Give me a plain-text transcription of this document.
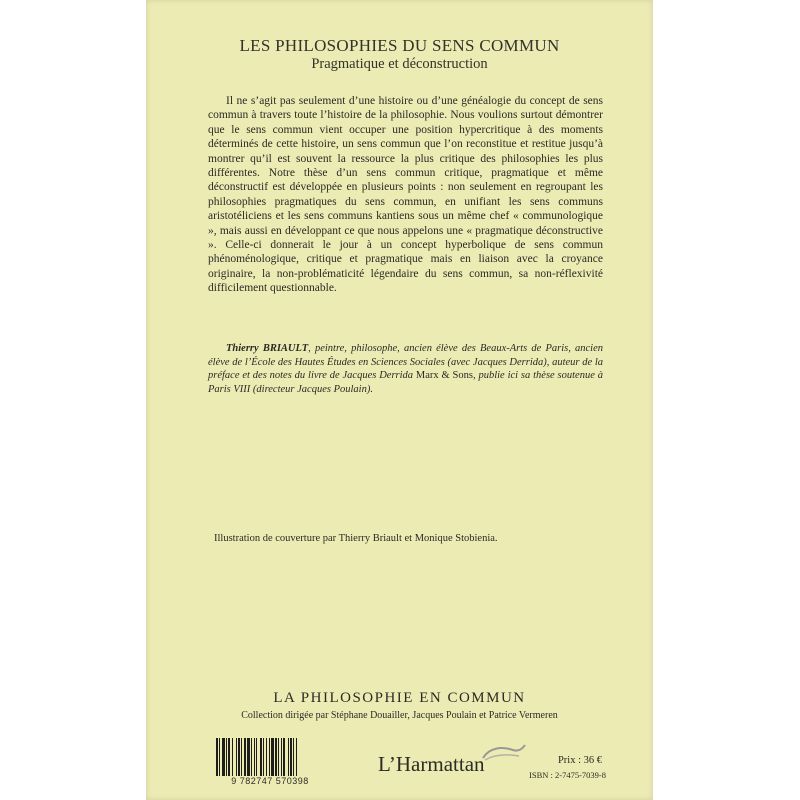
LES PHILOSOPHIES DU SENS COMMUN
Pragmatique et déconstruction

Il ne s’agit pas seulement d’une histoire ou d’une généalogie du concept de sens commun à travers toute l’histoire de la philosophie. Nous voulions surtout démontrer que le sens commun vient occuper une position hypercritique à des moments déterminés de cette histoire, un sens commun que l’on reconstitue et restitue jusqu’à montrer qu’il est souvent la ressource la plus critique des philosophies les plus différentes. Notre thèse d’un sens commun critique, pragmatique et même déconstructif est développée en plusieurs points : non seulement en regroupant les philosophies pragmatiques du sens commun, en unifiant les sens communs aristotéliciens et les sens communs kantiens sous un même chef « communologique », mais aussi en développant ce que nous appelons une « pragmatique déconstructive ». Celle-ci donnerait le jour à un concept hyperbolique de sens commun phénoménologique, critique et pragmatique mais en liaison avec la croyance originaire, la non-problématicité légendaire du sens commun, sa non-réflexivité difficilement questionnable.

Thierry BRIAULT, peintre, philosophe, ancien élève des Beaux-Arts de Paris, ancien élève de l’École des Hautes Études en Sciences Sociales (avec Jacques Derrida), auteur de la préface et des notes du livre de Jacques Derrida Marx & Sons, publie ici sa thèse soutenue à Paris VIII (directeur Jacques Poulain).

Illustration de couverture par Thierry Briault et Monique Stobienia.
LA PHILOSOPHIE EN COMMUN
Collection dirigée par Stéphane Douailler, Jacques Poulain et Patrice Vermeren
9 782747 570398
L’Harmattan	Prix : 36 €
ISBN : 2-7475-7039-8
